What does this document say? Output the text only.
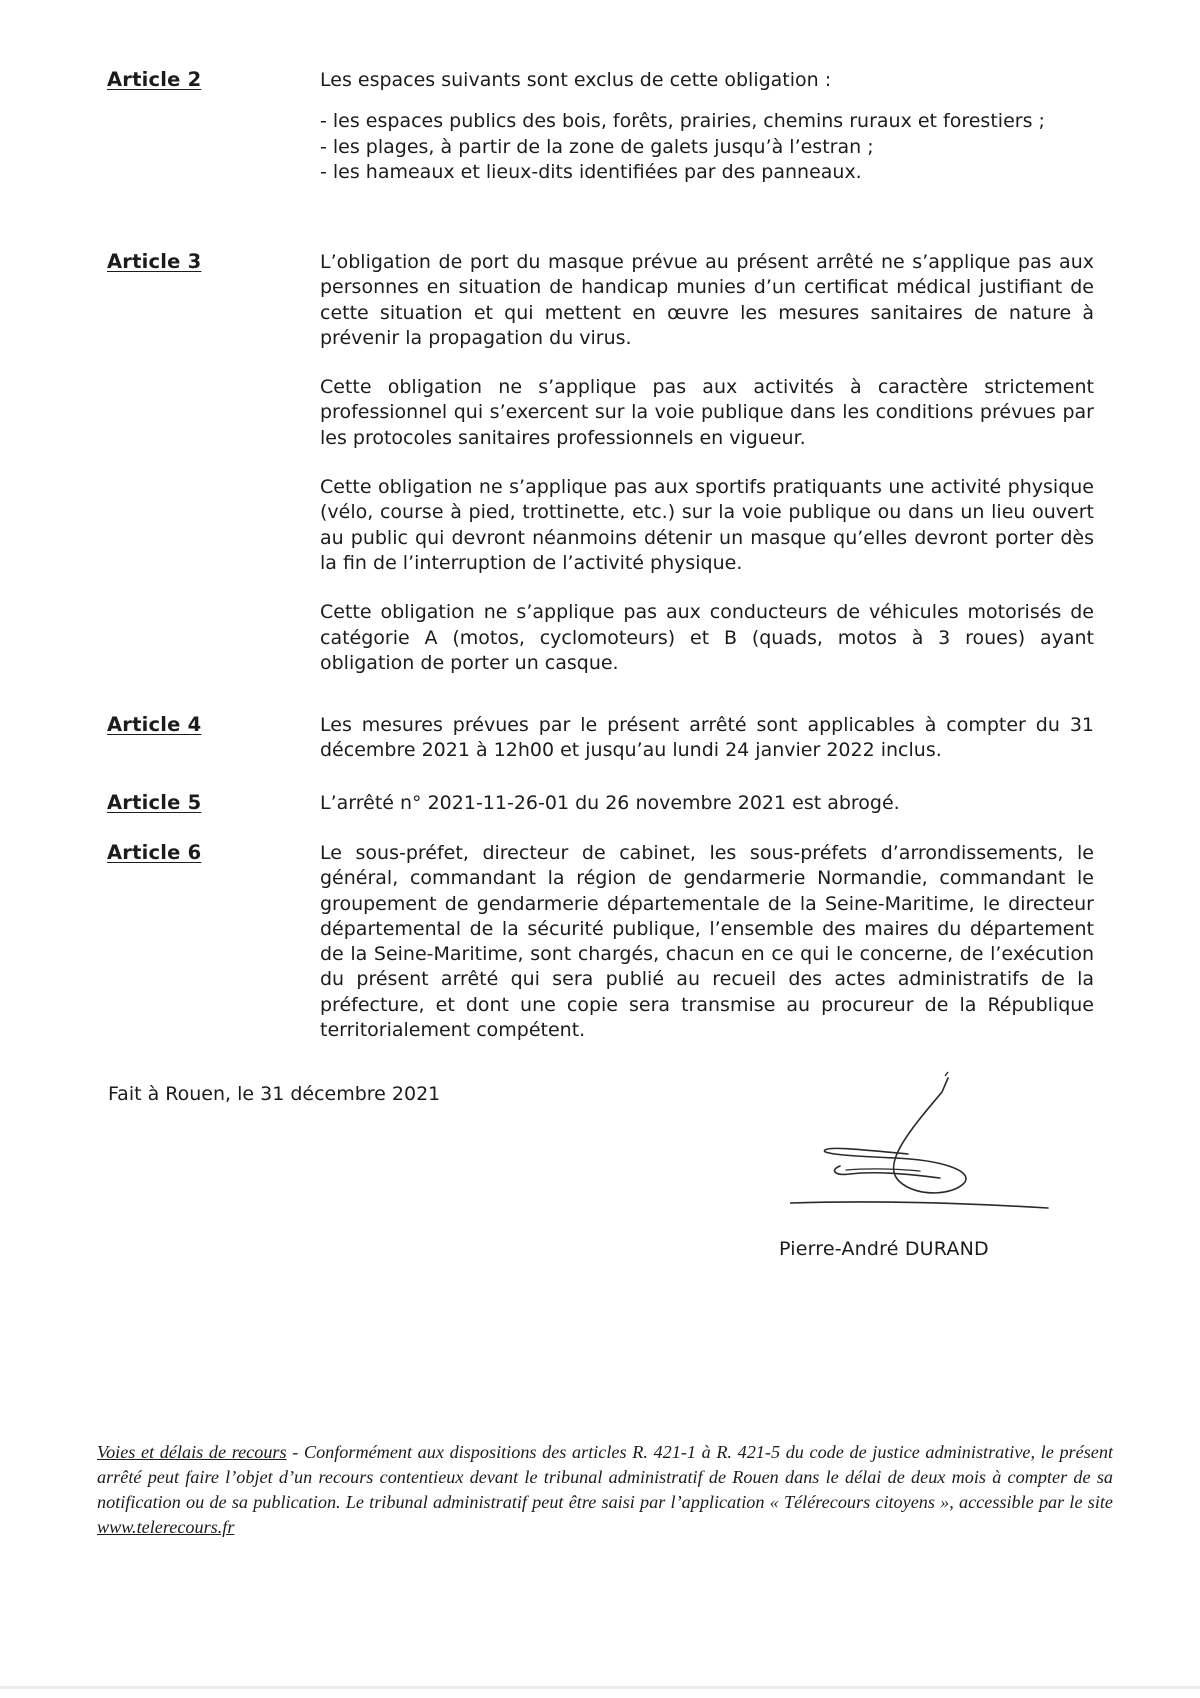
Article 2	Les espaces suivants sont exclus de cette obligation :

- les espaces publics des bois, forêts, prairies, chemins ruraux et forestiers ;
- les plages, à partir de la zone de galets jusqu’à l’estran ;
- les hameaux et lieux-dits identifiées par des panneaux.
Article 3	L’obligation de port du masque prévue au présent arrêté ne s’applique pas aux personnes en situation de handicap munies d’un certificat médical justifiant de cette situation et qui mettent en œuvre les mesures sanitaires de nature à prévenir la propagation du virus.

Cette obligation ne s’applique pas aux activités à caractère strictement professionnel qui s’exercent sur la voie publique dans les conditions prévues par les protocoles sanitaires professionnels en vigueur.

Cette obligation ne s’applique pas aux sportifs pratiquants une activité physique (vélo, course à pied, trottinette, etc.) sur la voie publique ou dans un lieu ouvert au public qui devront néanmoins détenir un masque qu’elles devront porter dès la fin de l’interruption de l’activité physique.

Cette obligation ne s’applique pas aux conducteurs de véhicules motorisés de catégorie A (motos, cyclomoteurs) et B (quads, motos à 3 roues) ayant obligation de porter un casque.

Article 4	Les mesures prévues par le présent arrêté sont applicables à compter du 31 décembre 2021 à 12h00 et jusqu’au lundi 24 janvier 2022 inclus.

Article 5	L’arrêté n° 2021-11-26-01 du 26 novembre 2021 est abrogé.

Article 6	Le sous-préfet, directeur de cabinet, les sous-préfets d’arrondissements, le général, commandant la région de gendarmerie Normandie, commandant le groupement de gendarmerie départementale de la Seine-Maritime, le directeur départemental de la sécurité publique, l’ensemble des maires du département de la Seine-Maritime, sont chargés, chacun en ce qui le concerne, de l’exécution du présent arrêté qui sera publié au recueil des actes administratifs de la préfecture, et dont une copie sera transmise au procureur de la République territorialement compétent.

Fait à Rouen, le 31 décembre 2021
Pierre-André DURAND
Voies et délais de recours - Conformément aux dispositions des articles R. 421-1 à R. 421-5 du code de justice administrative, le présent arrêté peut faire l’objet d’un recours contentieux devant le tribunal administratif de Rouen dans le délai de deux mois à compter de sa notification ou de sa publication. Le tribunal administratif peut être saisi par l’application « Télérecours citoyens », accessible par le site www.telerecours.fr
